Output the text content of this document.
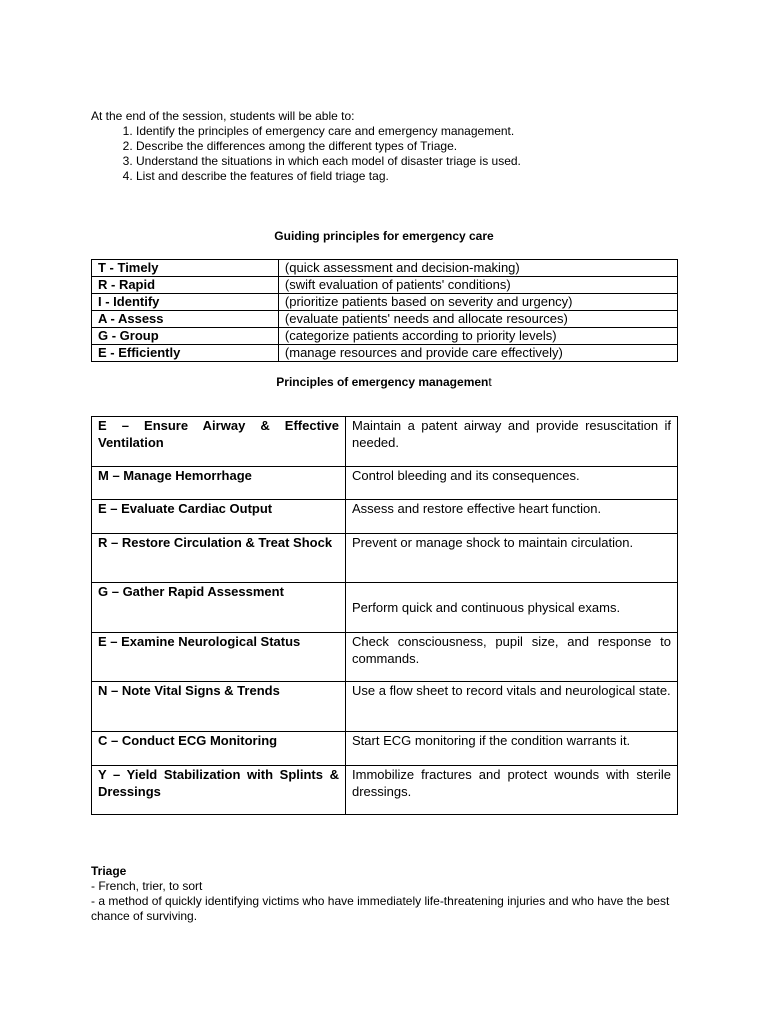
At the end of the session, students will be able to:
1. Identify the principles of emergency care and emergency management.
2. Describe the differences among the different types of Triage.
3. Understand the situations in which each model of disaster triage is used.
4. List and describe the features of field triage tag.
Guiding principles for emergency care
T - Timely	(quick assessment and decision-making)
R - Rapid	(swift evaluation of patients' conditions)
I - Identify	(prioritize patients based on severity and urgency)
A - Assess	(evaluate patients' needs and allocate resources)
G - Group	(categorize patients according to priority levels)
E - Efficiently	(manage resources and provide care effectively)
Principles of emergency management
E – Ensure Airway & Effective Ventilation	Maintain a patent airway and provide resuscitation if needed.
M – Manage Hemorrhage	Control bleeding and its consequences.
E – Evaluate Cardiac Output	Assess and restore effective heart function.
R – Restore Circulation & Treat Shock	Prevent or manage shock to maintain circulation.
G – Gather Rapid Assessment	Perform quick and continuous physical exams.
E – Examine Neurological Status	Check consciousness, pupil size, and response to commands.
N – Note Vital Signs & Trends	Use a flow sheet to record vitals and neurological state.
C – Conduct ECG Monitoring	Start ECG monitoring if the condition warrants it.
Y – Yield Stabilization with Splints & Dressings	Immobilize fractures and protect wounds with sterile dressings.
Triage
- French, trier, to sort
- a method of quickly identifying victims who have immediately life-threatening injuries and who have the best chance of surviving.
